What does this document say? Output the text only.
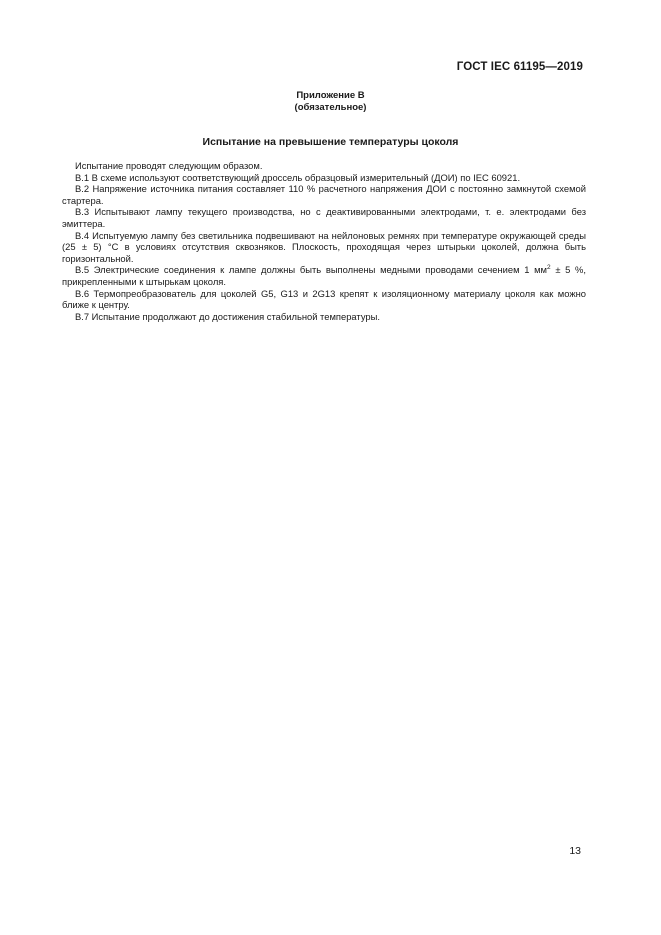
ГОСТ IEC 61195—2019
Приложение В
(обязательное)
Испытание на превышение температуры цоколя

Испытание проводят следующим образом.

В.1 В схеме используют соответствующий дроссель образцовый измерительный (ДОИ) по IEC 60921.

В.2 Напряжение источника питания составляет 110 % расчетного напряжения ДОИ с постоянно замкнутой схемой стартера.

В.3 Испытывают лампу текущего производства, но с деактивированными электродами, т. е. электродами без эмиттера.

В.4 Испытуемую лампу без светильника подвешивают на нейлоновых ремнях при температуре окружающей среды (25 ± 5) °С в условиях отсутствия сквозняков. Плоскость, проходящая через штырьки цоколей, должна быть горизонтальной.

В.5 Электрические соединения к лампе должны быть выполнены медными проводами сечением 1 $мм^2 \pm 5$ %, прикрепленными к штырькам цоколя.

В.6 Термопреобразователь для цоколей G5, G13 и 2G13 крепят к изоляционному материалу цоколя как можно ближе к центру.

В.7 Испытание продолжают до достижения стабильной температуры.

13
